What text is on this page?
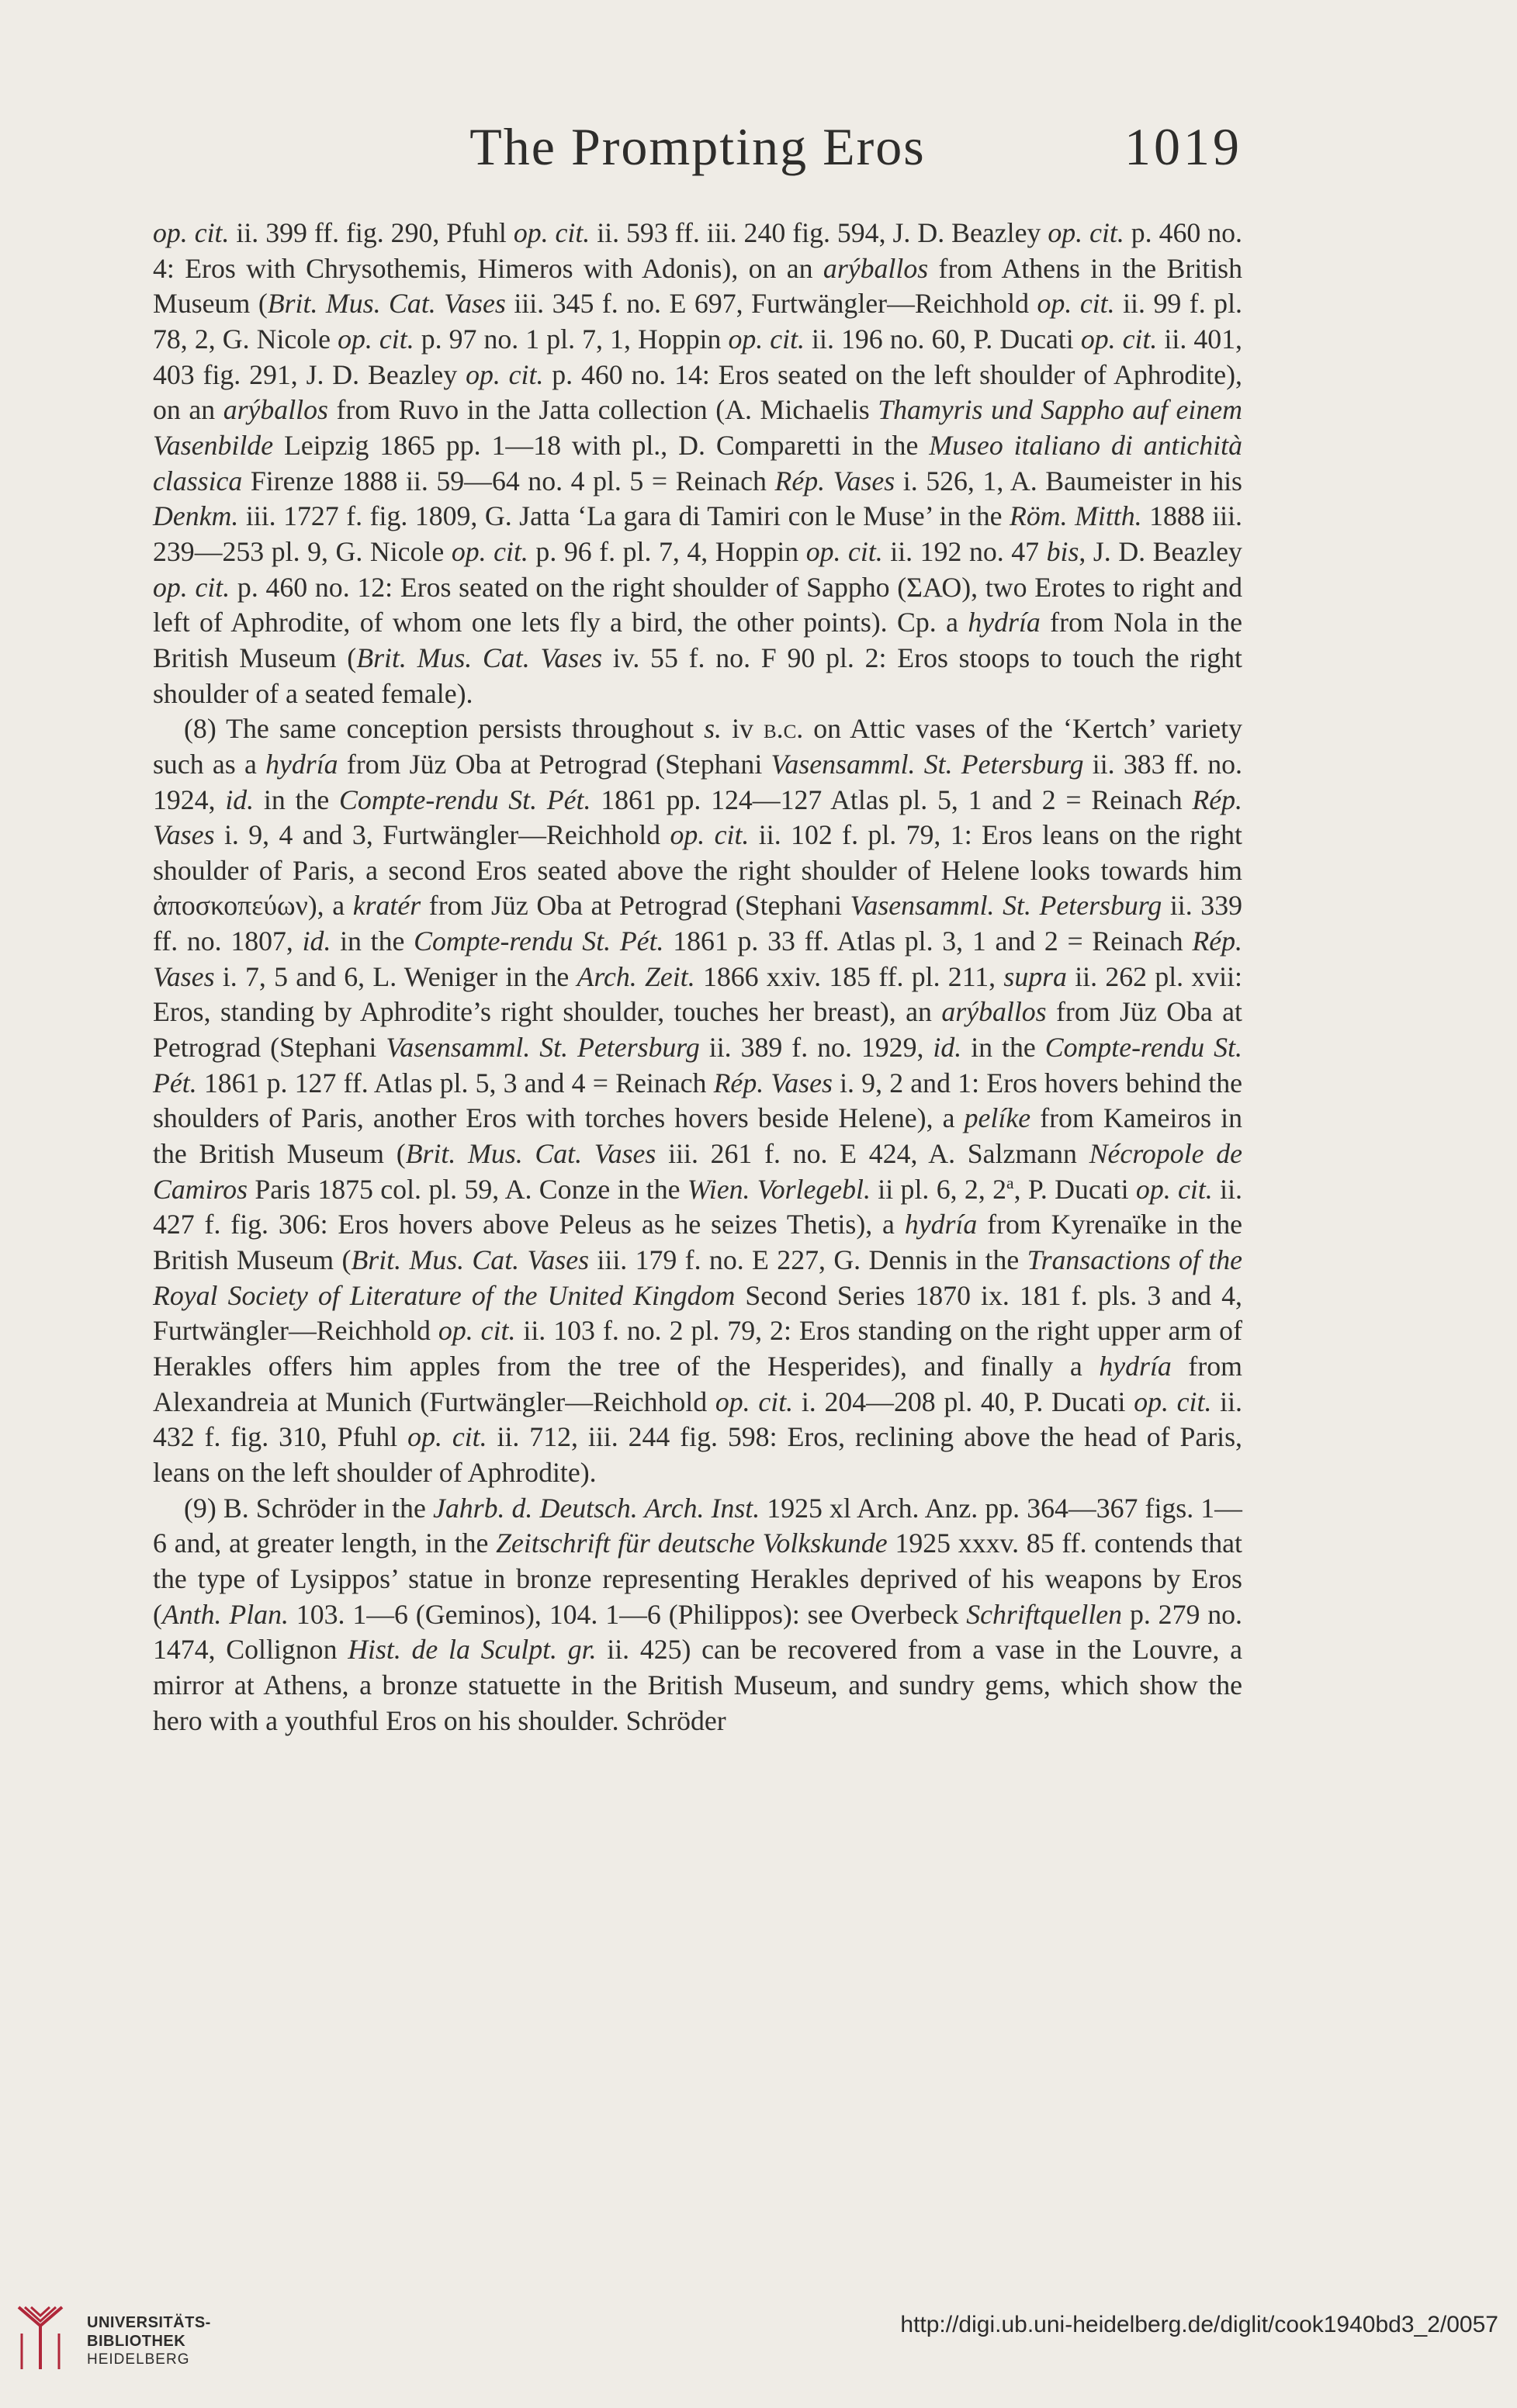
The Prompting Eros	1019

op. cit. ii. 399 ff. fig. 290, Pfuhl op. cit. ii. 593 ff. iii. 240 fig. 594, J. D. Beazley op. cit. p. 460 no. 4: Eros with Chrysothemis, Himeros with Adonis), on an arýballos from Athens in the British Museum (Brit. Mus. Cat. Vases iii. 345 f. no. E 697, Furtwängler—Reichhold op. cit. ii. 99 f. pl. 78, 2, G. Nicole op. cit. p. 97 no. 1 pl. 7, 1, Hoppin op. cit. ii. 196 no. 60, P. Ducati op. cit. ii. 401, 403 fig. 291, J. D. Beazley op. cit. p. 460 no. 14: Eros seated on the left shoulder of Aphrodite), on an arýballos from Ruvo in the Jatta collection (A. Michaelis Thamyris und Sappho auf einem Vasenbilde Leipzig 1865 pp. 1—18 with pl., D. Comparetti in the Museo italiano di antichità classica Firenze 1888 ii. 59—64 no. 4 pl. 5 = Reinach Rép. Vases i. 526, 1, A. Baumeister in his Denkm. iii. 1727 f. fig. 1809, G. Jatta ‘La gara di Tamiri con le Muse’ in the Röm. Mitth. 1888 iii. 239—253 pl. 9, G. Nicole op. cit. p. 96 f. pl. 7, 4, Hoppin op. cit. ii. 192 no. 47 bis, J. D. Beazley op. cit. p. 460 no. 12: Eros seated on the right shoulder of Sappho (ΣΑΟ), two Erotes to right and left of Aphrodite, of whom one lets fly a bird, the other points). Cp. a hydría from Nola in the British Museum (Brit. Mus. Cat. Vases iv. 55 f. no. F 90 pl. 2: Eros stoops to touch the right shoulder of a seated female).

(8) The same conception persists throughout s. iv b.c. on Attic vases of the ‘Kertch’ variety such as a hydría from Jüz Oba at Petrograd (Stephani Vasensamml. St. Petersburg ii. 383 ff. no. 1924, id. in the Compte-rendu St. Pét. 1861 pp. 124—127 Atlas pl. 5, 1 and 2 = Reinach Rép. Vases i. 9, 4 and 3, Furtwängler—Reichhold op. cit. ii. 102 f. pl. 79, 1: Eros leans on the right shoulder of Paris, a second Eros seated above the right shoulder of Helene looks towards him ἀποσκοπεύων), a kratér from Jüz Oba at Petrograd (Stephani Vasensamml. St. Petersburg ii. 339 ff. no. 1807, id. in the Compte-rendu St. Pét. 1861 p. 33 ff. Atlas pl. 3, 1 and 2 = Reinach Rép. Vases i. 7, 5 and 6, L. Weniger in the Arch. Zeit. 1866 xxiv. 185 ff. pl. 211, supra ii. 262 pl. xvii: Eros, standing by Aphrodite’s right shoulder, touches her breast), an arýballos from Jüz Oba at Petrograd (Stephani Vasensamml. St. Petersburg ii. 389 f. no. 1929, id. in the Compte-rendu St. Pét. 1861 p. 127 ff. Atlas pl. 5, 3 and 4 = Reinach Rép. Vases i. 9, 2 and 1: Eros hovers behind the shoulders of Paris, another Eros with torches hovers beside Helene), a pelíke from Kameiros in the British Museum (Brit. Mus. Cat. Vases iii. 261 f. no. E 424, A. Salzmann Nécropole de Camiros Paris 1875 col. pl. 59, A. Conze in the Wien. Vorlegebl. ii pl. 6, 2, 2$^a$, P. Ducati op. cit. ii. 427 f. fig. 306: Eros hovers above Peleus as he seizes Thetis), a hydría from Kyrenaïke in the British Museum (Brit. Mus. Cat. Vases iii. 179 f. no. E 227, G. Dennis in the Transactions of the Royal Society of Literature of the United Kingdom Second Series 1870 ix. 181 f. pls. 3 and 4, Furtwängler—Reichhold op. cit. ii. 103 f. no. 2 pl. 79, 2: Eros standing on the right upper arm of Herakles offers him apples from the tree of the Hesperides), and finally a hydría from Alexandreia at Munich (Furtwängler—Reichhold op. cit. i. 204—208 pl. 40, P. Ducati op. cit. ii. 432 f. fig. 310, Pfuhl op. cit. ii. 712, iii. 244 fig. 598: Eros, reclining above the head of Paris, leans on the left shoulder of Aphrodite).

(9) B. Schröder in the Jahrb. d. Deutsch. Arch. Inst. 1925 xl Arch. Anz. pp. 364—367 figs. 1—6 and, at greater length, in the Zeitschrift für deutsche Volkskunde 1925 xxxv. 85 ff. contends that the type of Lysippos’ statue in bronze representing Herakles deprived of his weapons by Eros (Anth. Plan. 103. 1—6 (Geminos), 104. 1—6 (Philippos): see Overbeck Schriftquellen p. 279 no. 1474, Collignon Hist. de la Sculpt. gr. ii. 425) can be recovered from a vase in the Louvre, a mirror at Athens, a bronze statuette in the British Museum, and sundry gems, which show the hero with a youthful Eros on his shoulder. Schröder

UNIVERSITÄTS-
BIBLIOTHEK
HEIDELBERG
http://digi.ub.uni-heidelberg.de/diglit/cook1940bd3_2/0057
